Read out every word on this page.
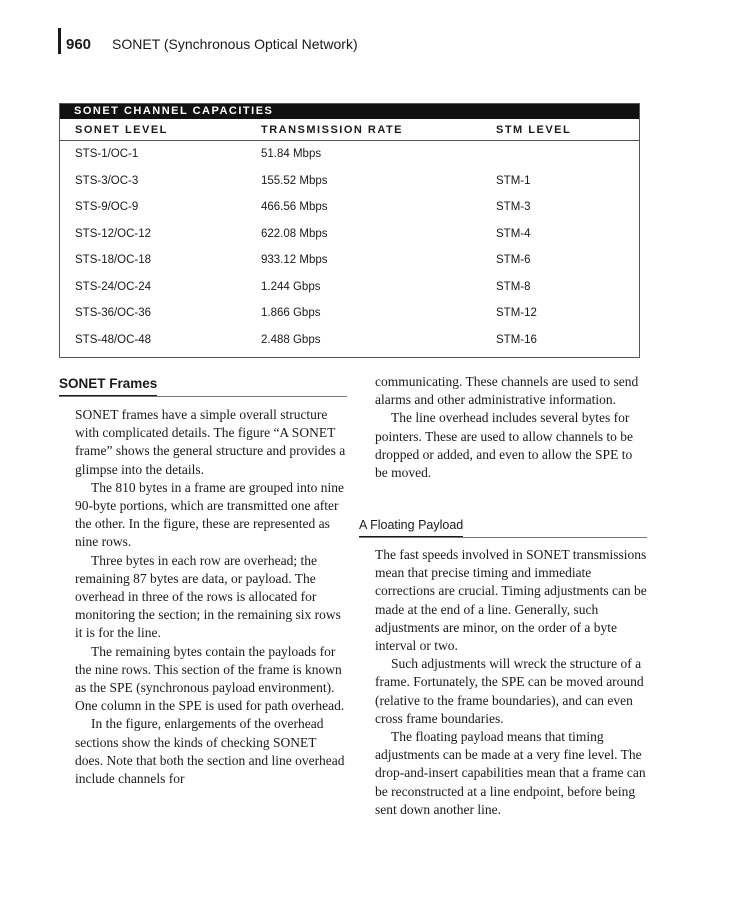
960 SONET (Synchronous Optical Network)
SONET CHANNEL CAPACITIES
SONET LEVEL	TRANSMISSION RATE	STM LEVEL
STS-1/OC-1	51.84 Mbps
STS-3/OC-3	155.52 Mbps	STM-1
STS-9/OC-9	466.56 Mbps	STM-3
STS-12/OC-12	622.08 Mbps	STM-4
STS-18/OC-18	933.12 Mbps	STM-6
STS-24/OC-24	1.244 Gbps	STM-8
STS-36/OC-36	1.866 Gbps	STM-12
STS-48/OC-48	2.488 Gbps	STM-16
SONET Frames

SONET frames have a simple overall structure with complicated details. The figure “A SONET frame” shows the general structure and provides a glimpse into the details.

The 810 bytes in a frame are grouped into nine 90-byte portions, which are transmitted one after the other. In the figure, these are represented as nine rows.

Three bytes in each row are overhead; the remaining 87 bytes are data, or payload. The overhead in three of the rows is allocated for monitoring the section; in the remaining six rows it is for the line.

The remaining bytes contain the payloads for the nine rows. This section of the frame is known as the SPE (synchronous payload environment). One column in the SPE is used for path overhead.

In the figure, enlargements of the overhead sections show the kinds of checking SONET does. Note that both the section and line overhead include channels for

communicating. These channels are used to send alarms and other administrative information.

The line overhead includes several bytes for pointers. These are used to allow channels to be dropped or added, and even to allow the SPE to be moved.

A Floating Payload

The fast speeds involved in SONET transmissions mean that precise timing and immediate corrections are crucial. Timing adjustments can be made at the end of a line. Generally, such adjustments are minor, on the order of a byte interval or two.

Such adjustments will wreck the structure of a frame. Fortunately, the SPE can be moved around (relative to the frame boundaries), and can even cross frame boundaries.

The floating payload means that timing adjustments can be made at a very fine level. The drop-and-insert capabilities mean that a frame can be reconstructed at a line endpoint, before being sent down another line.
